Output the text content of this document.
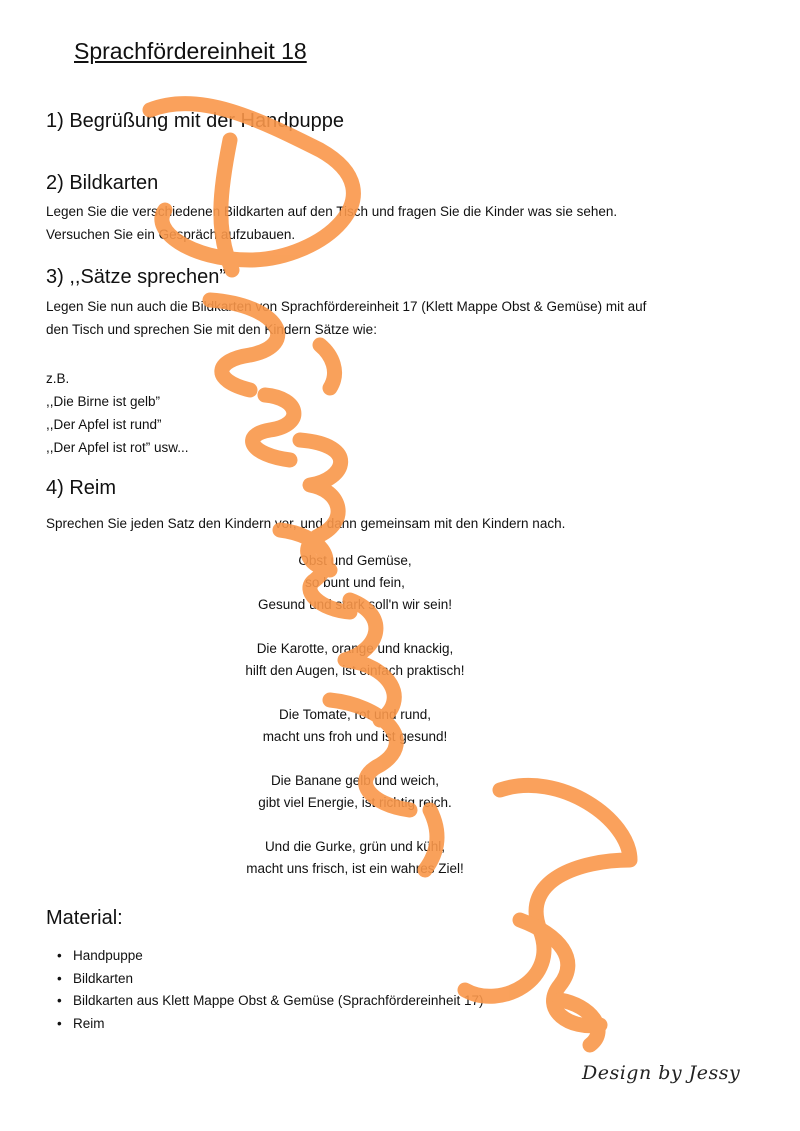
Sprachfördereinheit 18
1) Begrüßung mit der Handpuppe
2) Bildkarten
Legen Sie die verschiedenen Bildkarten auf den Tisch und fragen Sie die Kinder was sie sehen.
Versuchen Sie ein Gespräch aufzubauen.
3) ,,Sätze sprechen”
Legen Sie nun auch die Bildkarten von Sprachfördereinheit 17 (Klett Mappe Obst & Gemüse) mit auf
den Tisch und sprechen Sie mit den Kindern Sätze wie:
z.B.
,,Die Birne ist gelb”
,,Der Apfel ist rund”
,,Der Apfel ist rot” usw...
4) Reim
Sprechen Sie jeden Satz den Kindern vor, und dann gemeinsam mit den Kindern nach.
Obst und Gemüse,
so bunt und fein,
Gesund und stark soll'n wir sein!
Die Karotte, orange und knackig,
hilft den Augen, ist einfach praktisch!
Die Tomate, rot und rund,
macht uns froh und ist gesund!
Die Banane gelb und weich,
gibt viel Energie, ist richtig reich.
Und die Gurke, grün und kühl,
macht uns frisch, ist ein wahres Ziel!
Material:
• Handpuppe
• Bildkarten
• Bildkarten aus Klett Mappe Obst & Gemüse (Sprachfördereinheit 17)
• Reim
Design by Jessy
